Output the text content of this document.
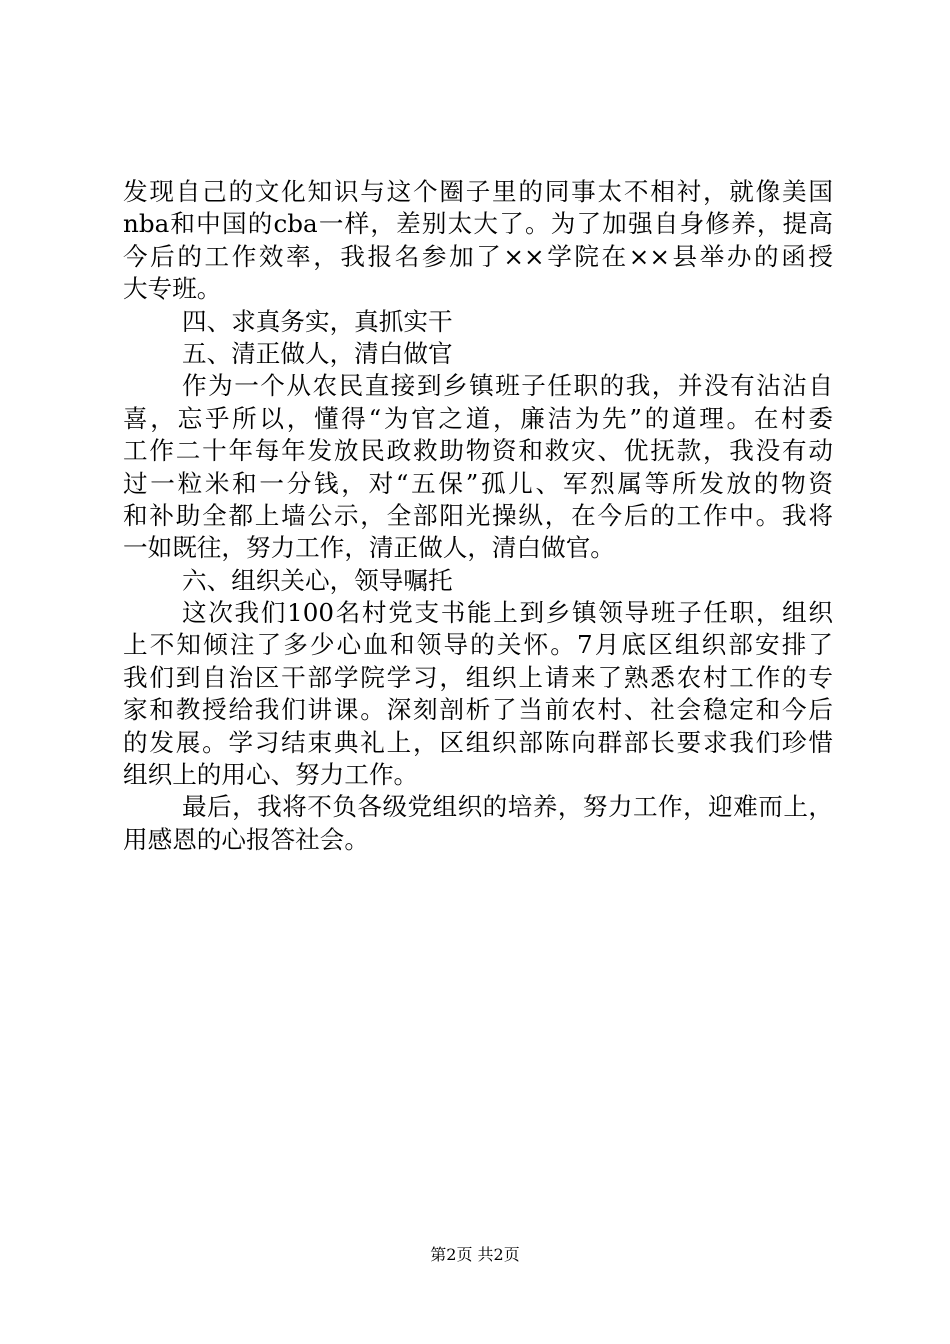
发现自己的文化知识与这个圈子里的同事太不相衬，就像美国
nba和中国的cba一样，差别太大了。为了加强自身修养，提高
今后的工作效率，我报名参加了××学院在××县举办的函授
大专班。
四、求真务实，真抓实干
五、清正做人，清白做官
作为一个从农民直接到乡镇班子任职的我，并没有沾沾自
喜，忘乎所以，懂得“为官之道，廉洁为先”的道理。在村委
工作二十年每年发放民政救助物资和救灾、优抚款，我没有动
过一粒米和一分钱，对“五保”孤儿、军烈属等所发放的物资
和补助全都上墙公示，全部阳光操纵，在今后的工作中。我将
一如既往，努力工作，清正做人，清白做官。
六、组织关心，领导嘱托
这次我们100名村党支书能上到乡镇领导班子任职，组织
上不知倾注了多少心血和领导的关怀。7月底区组织部安排了
我们到自治区干部学院学习，组织上请来了熟悉农村工作的专
家和教授给我们讲课。深刻剖析了当前农村、社会稳定和今后
的发展。学习结束典礼上，区组织部陈向群部长要求我们珍惜
组织上的用心、努力工作。
最后，我将不负各级党组织的培养，努力工作，迎难而上，
用感恩的心报答社会。
第2页 共2页
